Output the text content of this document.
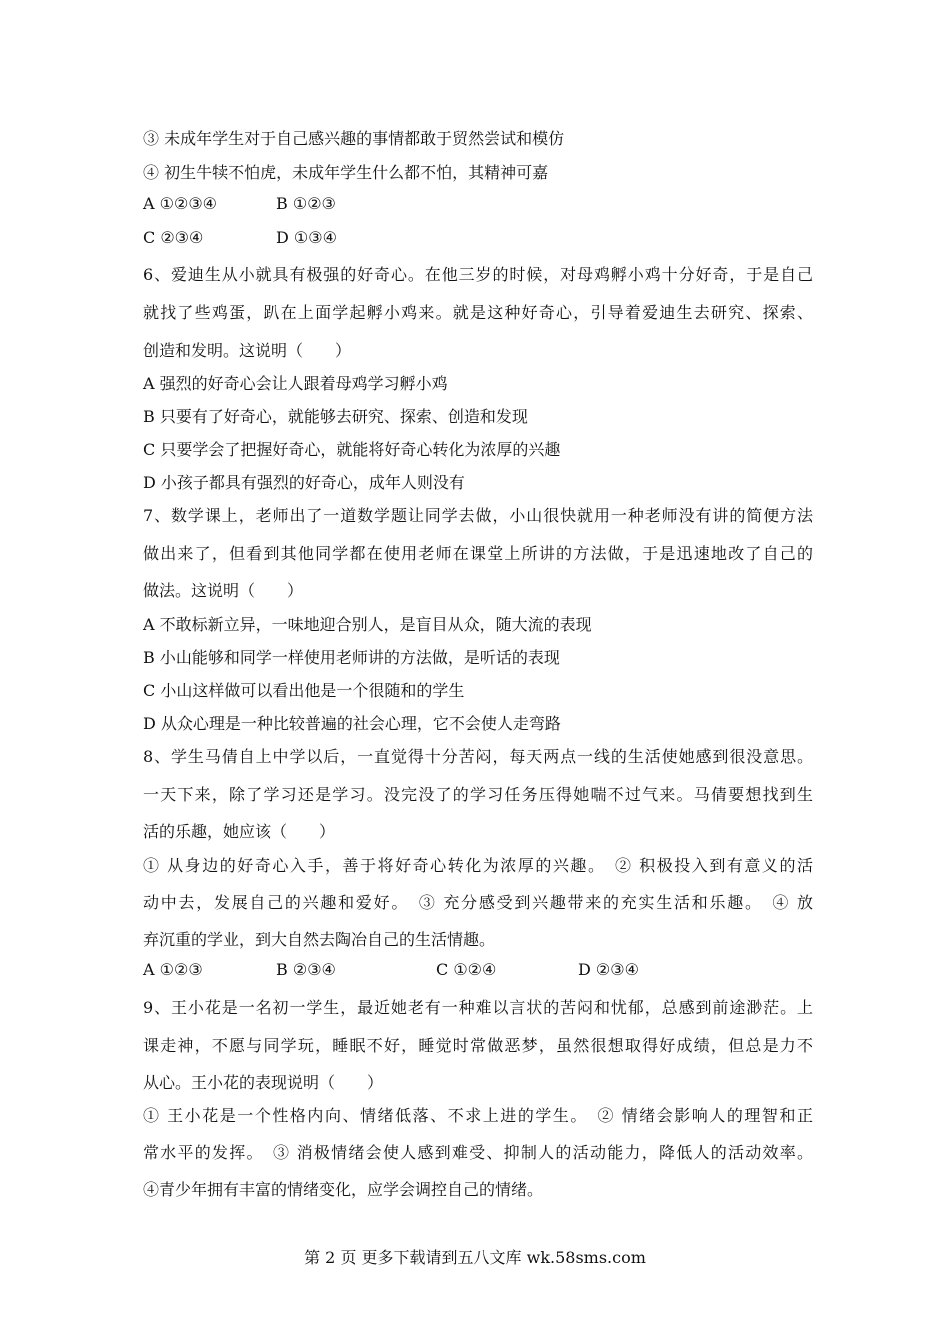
③ 未成年学生对于自己感兴趣的事情都敢于贸然尝试和模仿
④ 初生牛犊不怕虎，未成年学生什么都不怕，其精神可嘉
A ①②③④	B ①②③
C ②③④	D ①③④
6、爱迪生从小就具有极强的好奇心。在他三岁的时候，对母鸡孵小鸡十分好奇，于是自己
就找了些鸡蛋，趴在上面学起孵小鸡来。就是这种好奇心，引导着爱迪生去研究、探索、
创造和发明。这说明（　　）
A 强烈的好奇心会让人跟着母鸡学习孵小鸡
B 只要有了好奇心，就能够去研究、探索、创造和发现
C 只要学会了把握好奇心，就能将好奇心转化为浓厚的兴趣
D 小孩子都具有强烈的好奇心，成年人则没有
7、数学课上，老师出了一道数学题让同学去做，小山很快就用一种老师没有讲的简便方法
做出来了，但看到其他同学都在使用老师在课堂上所讲的方法做，于是迅速地改了自己的
做法。这说明（　　）
A 不敢标新立异，一味地迎合别人，是盲目从众，随大流的表现
B 小山能够和同学一样使用老师讲的方法做，是听话的表现
C 小山这样做可以看出他是一个很随和的学生
D 从众心理是一种比较普遍的社会心理，它不会使人走弯路
8、学生马倩自上中学以后，一直觉得十分苦闷，每天两点一线的生活使她感到很没意思。
一天下来，除了学习还是学习。没完没了的学习任务压得她喘不过气来。马倩要想找到生
活的乐趣，她应该（　　）
① 从身边的好奇心入手，善于将好奇心转化为浓厚的兴趣。　② 积极投入到有意义的活
动中去，发展自己的兴趣和爱好。　③ 充分感受到兴趣带来的充实生活和乐趣。　④ 放
弃沉重的学业，到大自然去陶冶自己的生活情趣。
A ①②③	B ②③④	C ①②④	D ②③④
9、王小花是一名初一学生，最近她老有一种难以言状的苦闷和忧郁，总感到前途渺茫。上
课走神，不愿与同学玩，睡眠不好，睡觉时常做恶梦，虽然很想取得好成绩，但总是力不
从心。王小花的表现说明（　　）
① 王小花是一个性格内向、情绪低落、不求上进的学生。　② 情绪会影响人的理智和正
常水平的发挥。　③ 消极情绪会使人感到难受、抑制人的活动能力，降低人的活动效率。
④青少年拥有丰富的情绪变化，应学会调控自己的情绪。
第 2 页 更多下载请到五八文库 wk.58sms.com
